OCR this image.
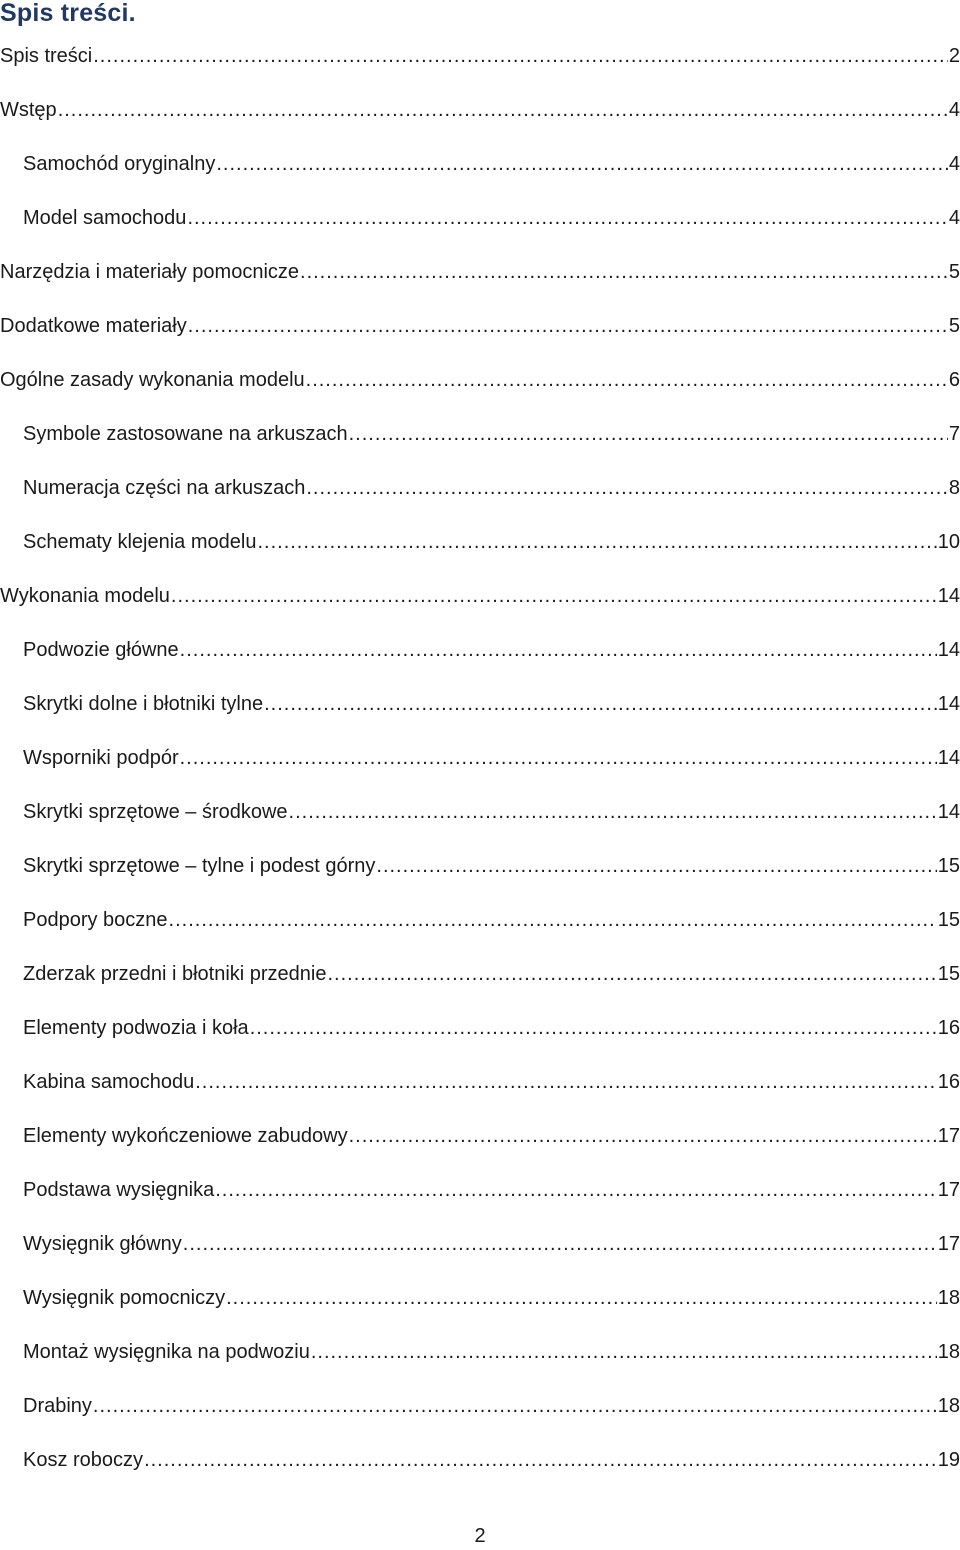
Spis treści.
Spis treści .....	2
Wstęp .....	4
Samochód oryginalny .....	4
Model samochodu .....	4
Narzędzia i materiały pomocnicze .....	5
Dodatkowe materiały .....	5
Ogólne zasady wykonania modelu .....	6
Symbole zastosowane na arkuszach .....	7
Numeracja części na arkuszach .....	8
Schematy klejenia modelu .....	10
Wykonania modelu .....	14
Podwozie główne .....	14
Skrytki dolne i błotniki tylne .....	14
Wsporniki podpór .....	14
Skrytki sprzętowe – środkowe .....	14
Skrytki sprzętowe – tylne i podest górny .....	15
Podpory boczne .....	15
Zderzak przedni i błotniki przednie .....	15
Elementy podwozia i koła .....	16
Kabina samochodu .....	16
Elementy wykończeniowe zabudowy .....	17
Podstawa wysięgnika .....	17
Wysięgnik główny .....	17
Wysięgnik pomocniczy .....	18
Montaż wysięgnika na podwoziu .....	18
Drabiny .....	18
Kosz roboczy .....	19
2
